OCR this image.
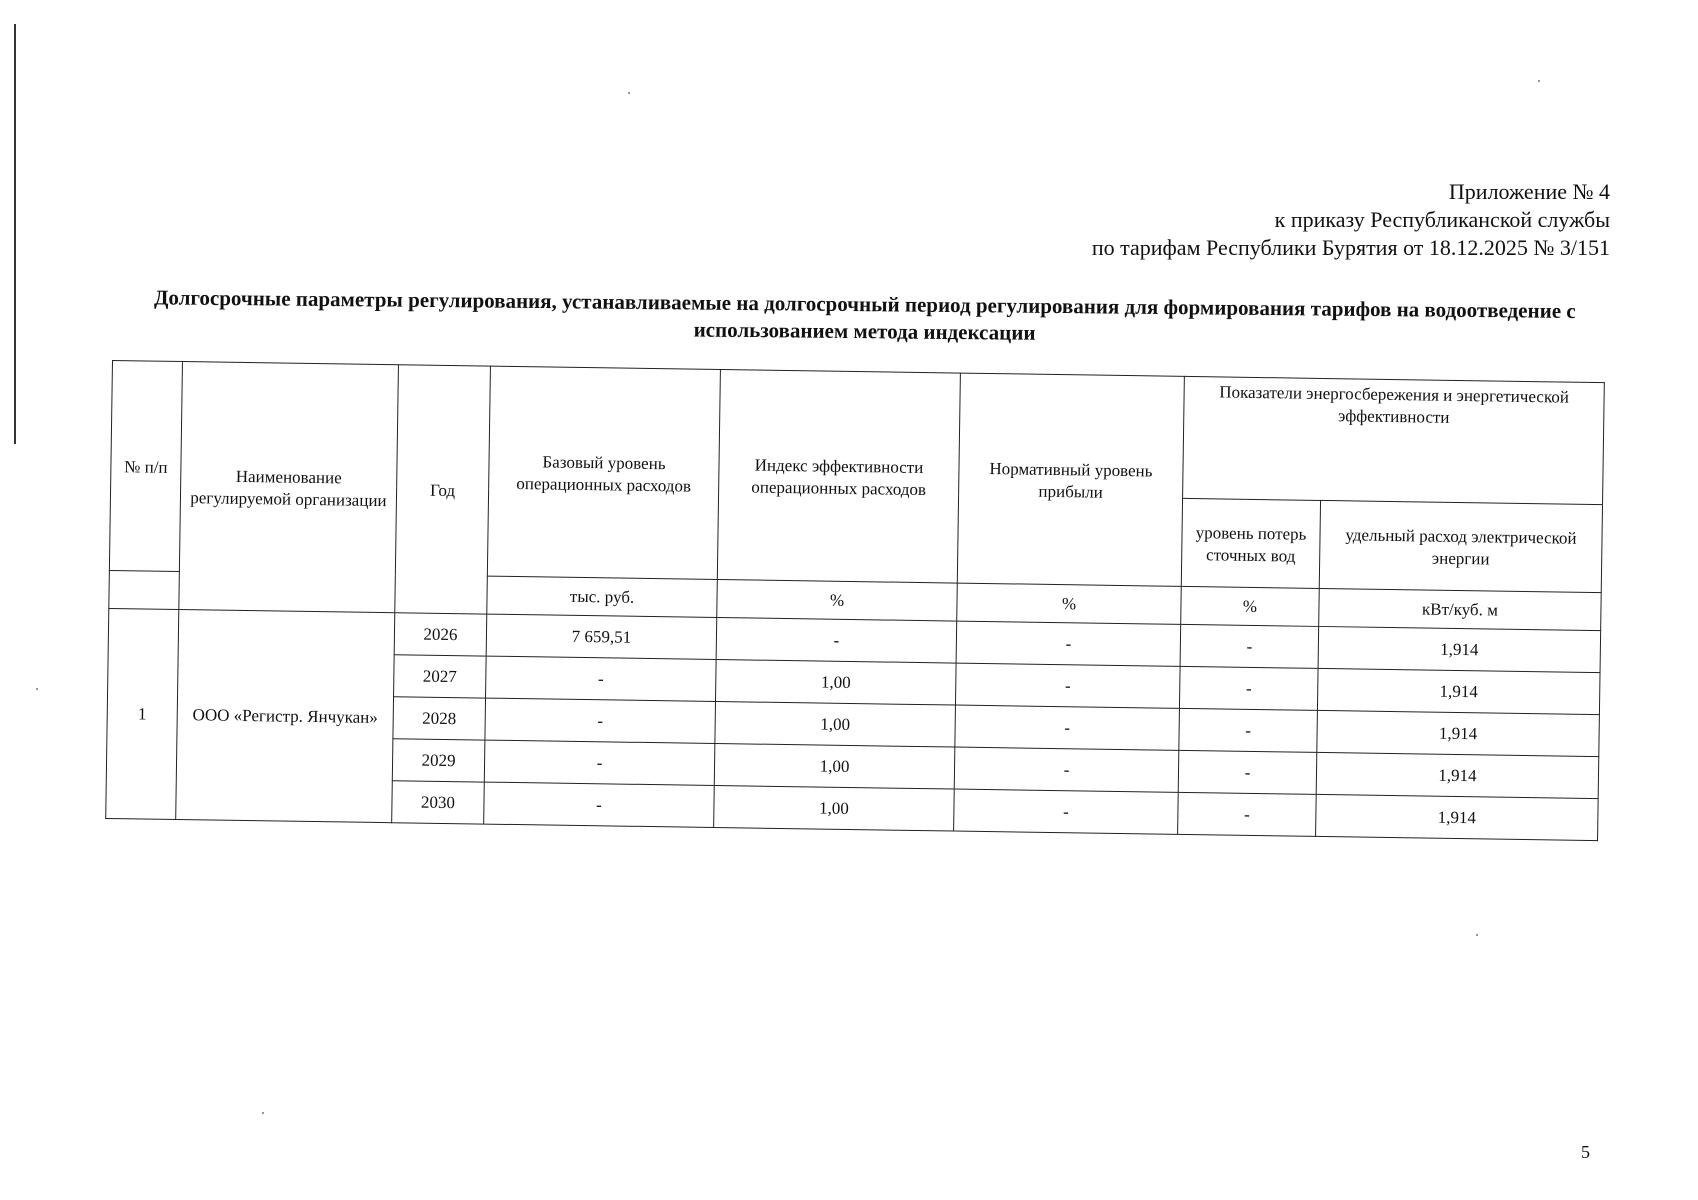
Приложение № 4
к приказу Республиканской службы
по тарифам Республики Бурятия от 18.12.2025 № 3/151
Долгосрочные параметры регулирования, устанавливаемые на долгосрочный период регулирования для формирования тарифов на водоотведение с использованием метода индексации
№ п/п	Наименование регулируемой организации	Год	Базовый уровень операционных расходов	Индекс эффективности операционных расходов	Нормативный уровень прибыли	Показатели энергосбережения и энергетической эффективности	
						уровень потерь сточных вод	удельный расход электрической энергии
			тыс. руб.	%	%	%	кВт/куб. м
1	ООО «Регистр. Янчукан»	2026	7 659,51	-	-	-	1,914
		2027	-	1,00	-	-	1,914
		2028	-	1,00	-	-	1,914
		2029	-	1,00	-	-	1,914
		2030	-	1,00	-	-	1,914
5
